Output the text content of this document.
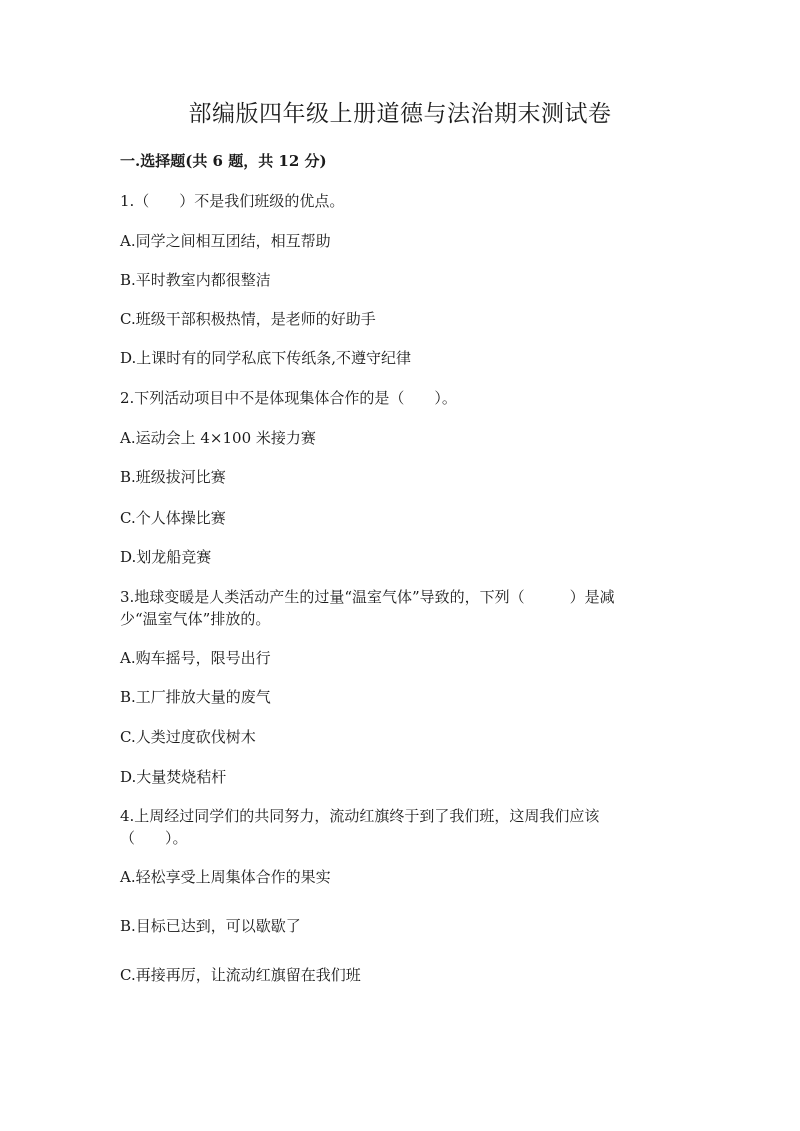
部编版四年级上册道德与法治期末测试卷
一.选择题(共 6 题，共 12 分)
1.（　　）不是我们班级的优点。
A.同学之间相互团结，相互帮助
B.平时教室内都很整洁
C.班级干部积极热情，是老师的好助手
D.上课时有的同学私底下传纸条,不遵守纪律
2.下列活动项目中不是体现集体合作的是（　　）。
A.运动会上 4×100 米接力赛
B.班级拔河比赛
C.个人体操比赛
D.划龙船竞赛
3.地球变暖是人类活动产生的过量“温室气体”导致的，下列（　　　）是减
少“温室气体”排放的。
A.购车摇号，限号出行
B.工厂排放大量的废气
C.人类过度砍伐树木
D.大量焚烧秸杆
4.上周经过同学们的共同努力，流动红旗终于到了我们班，这周我们应该
（　　）。
A.轻松享受上周集体合作的果实
B.目标已达到，可以歇歇了
C.再接再厉，让流动红旗留在我们班
